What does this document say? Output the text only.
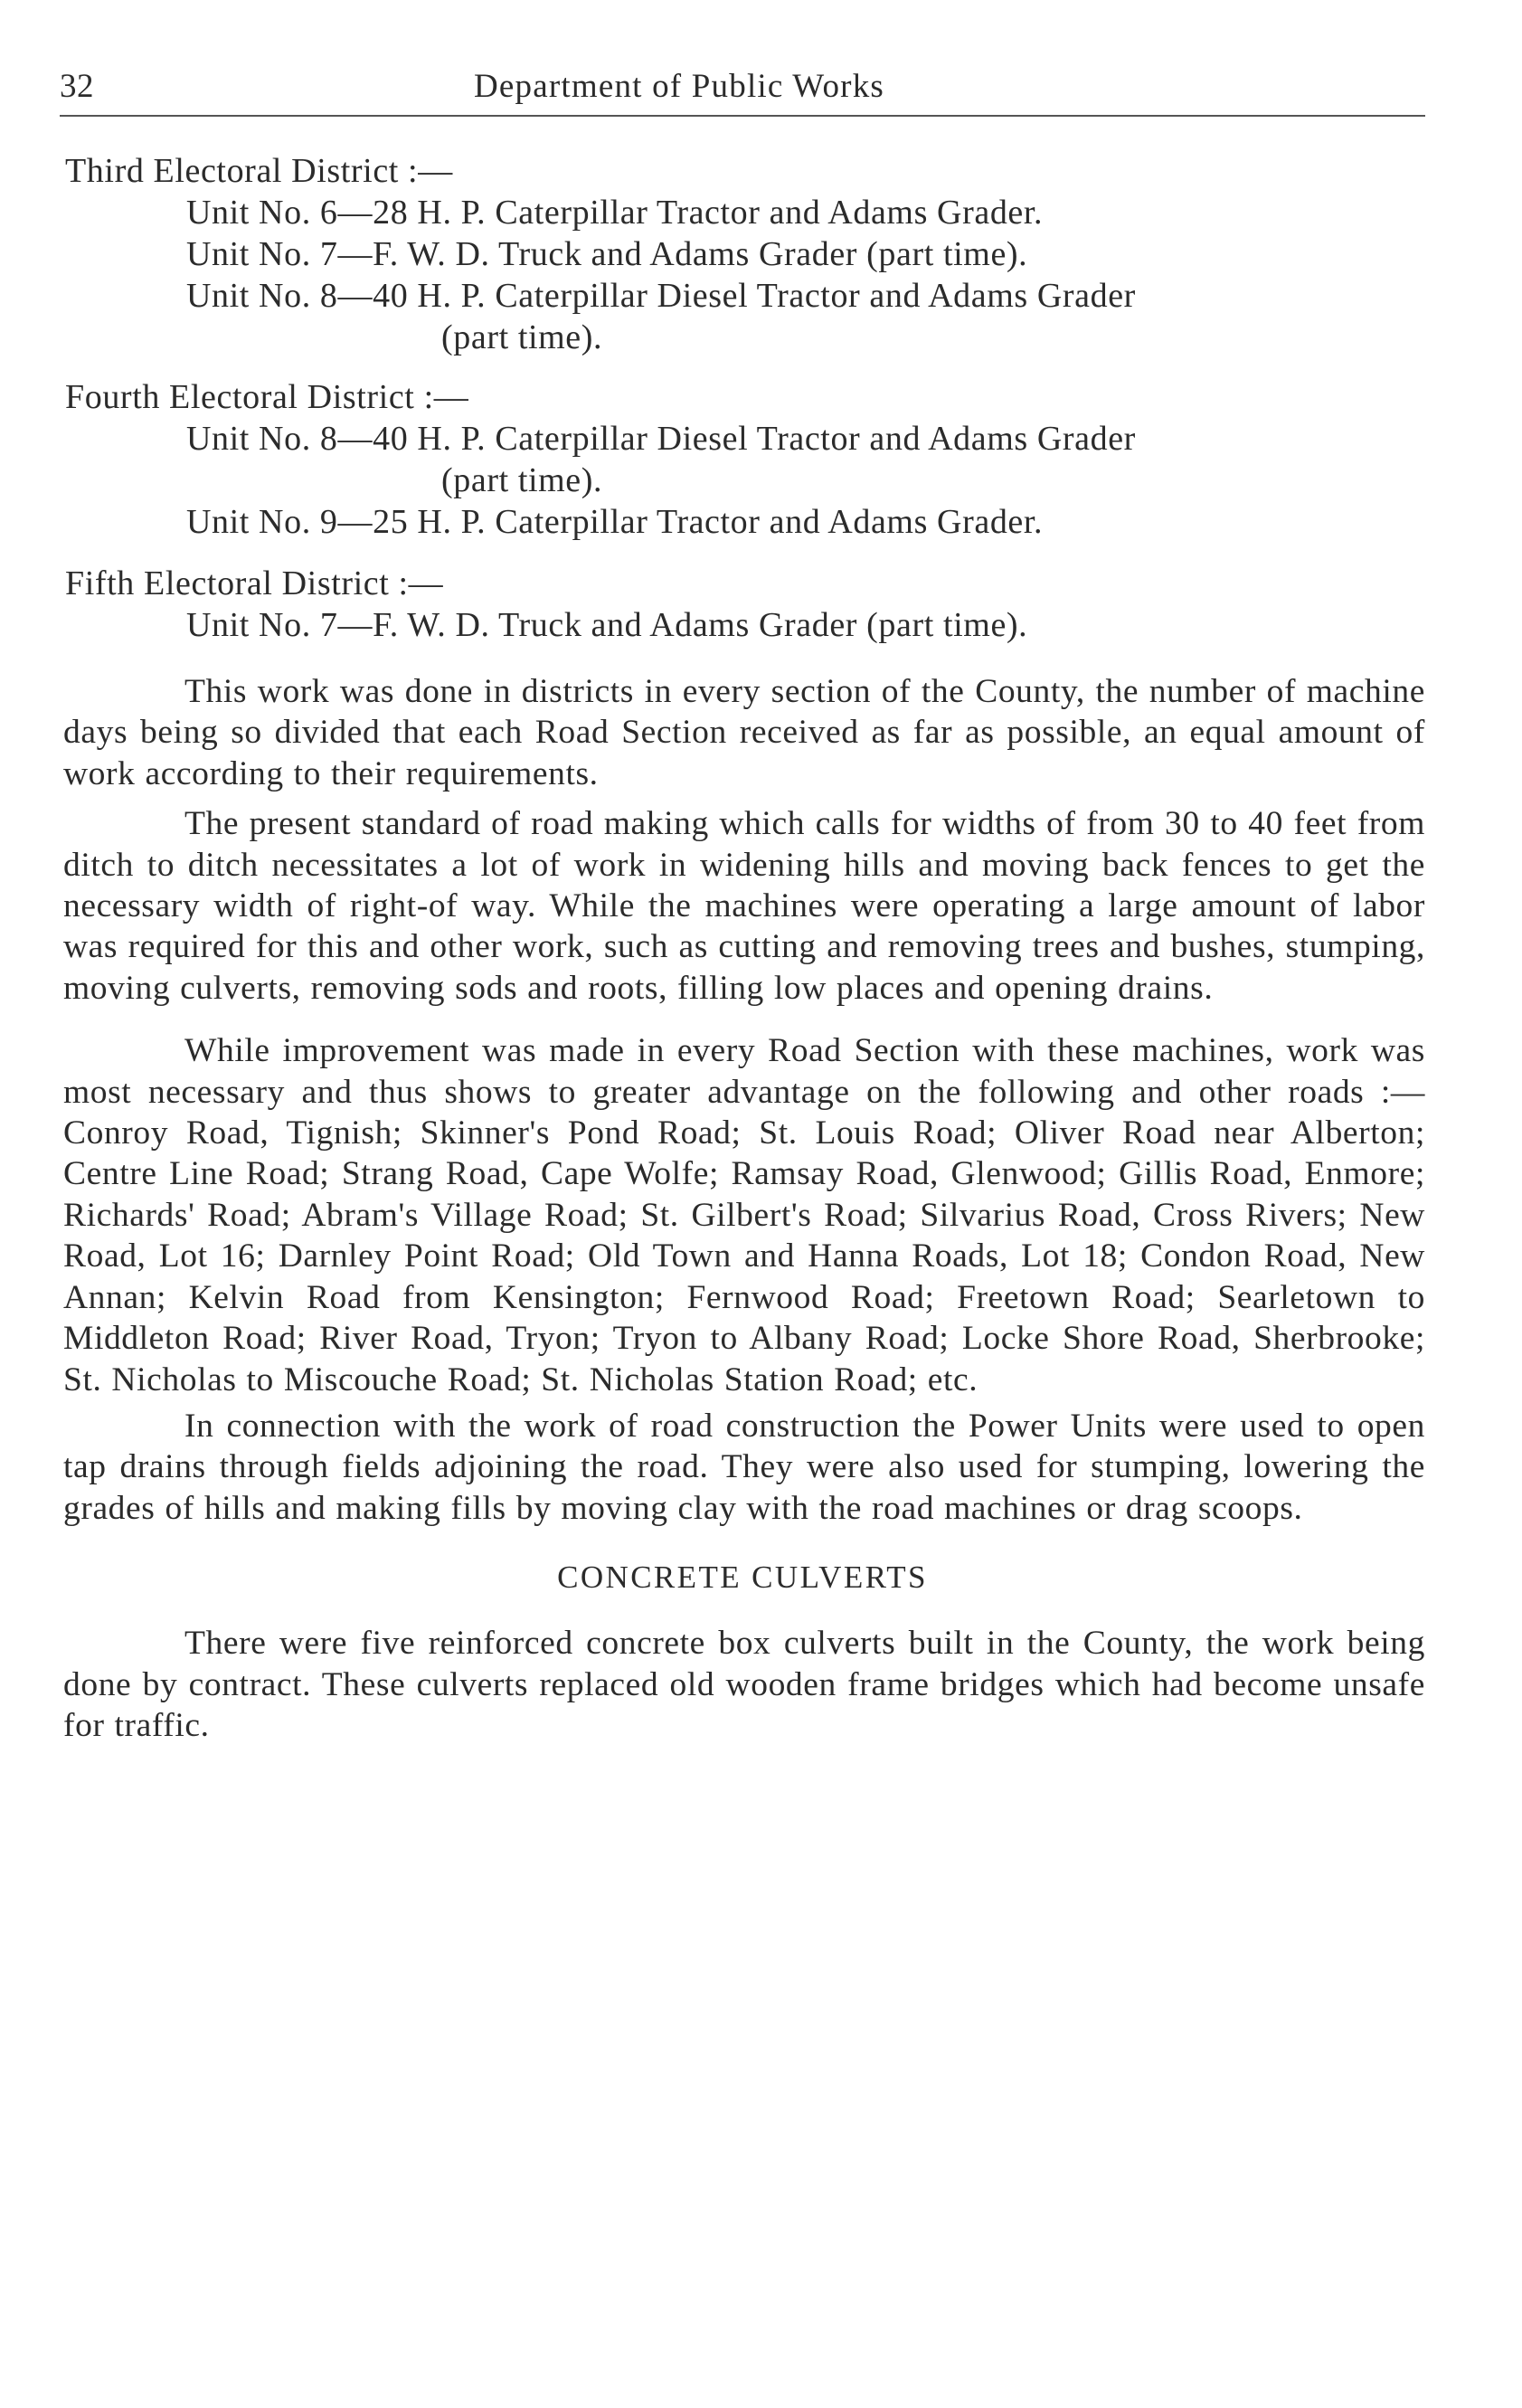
32	Department of Public Works

Third Electoral District :—

Unit No. 6—28 H. P. Caterpillar Tractor and Adams Grader.

Unit No. 7—F. W. D. Truck and Adams Grader (part time).

Unit No. 8—40 H. P. Caterpillar Diesel Tractor and Adams Grader

(part time).

Fourth Electoral District :—

Unit No. 8—40 H. P. Caterpillar Diesel Tractor and Adams Grader

(part time).

Unit No. 9—25 H. P. Caterpillar Tractor and Adams Grader.

Fifth Electoral District :—

Unit No. 7—F. W. D. Truck and Adams Grader (part time).

This work was done in districts in every section of the County, the number of machine days being so divided that each Road Section received as far as possible, an equal amount of work according to their requirements.

The present standard of road making which calls for widths of from 30 to 40 feet from ditch to ditch necessitates a lot of work in widening hills and moving back fences to get the necessary width of right-of way. While the machines were operating a large amount of labor was required for this and other work, such as cutting and removing trees and bushes, stumping, moving culverts, removing sods and roots, filling low places and opening drains.

While improvement was made in every Road Section with these machines, work was most necessary and thus shows to greater advantage on the following and other roads :— Conroy Road, Tignish; Skinner's Pond Road; St. Louis Road; Oliver Road near Alberton; Centre Line Road; Strang Road, Cape Wolfe; Ramsay Road, Glenwood; Gillis Road, Enmore; Richards' Road; Abram's Village Road; St. Gilbert's Road; Silvarius Road, Cross Rivers; New Road, Lot 16; Darnley Point Road; Old Town and Hanna Roads, Lot 18; Condon Road, New Annan; Kelvin Road from Kensington; Fernwood Road; Freetown Road; Searletown to Middleton Road; River Road, Tryon; Tryon to Albany Road; Locke Shore Road, Sherbrooke; St. Nicholas to Miscouche Road; St. Nicholas Station Road; etc.

In connection with the work of road construction the Power Units were used to open tap drains through fields adjoining the road. They were also used for stumping, lowering the grades of hills and making fills by moving clay with the road machines or drag scoops.

CONCRETE CULVERTS

There were five reinforced concrete box culverts built in the County, the work being done by contract. These culverts replaced old wooden frame bridges which had become unsafe for traffic.
